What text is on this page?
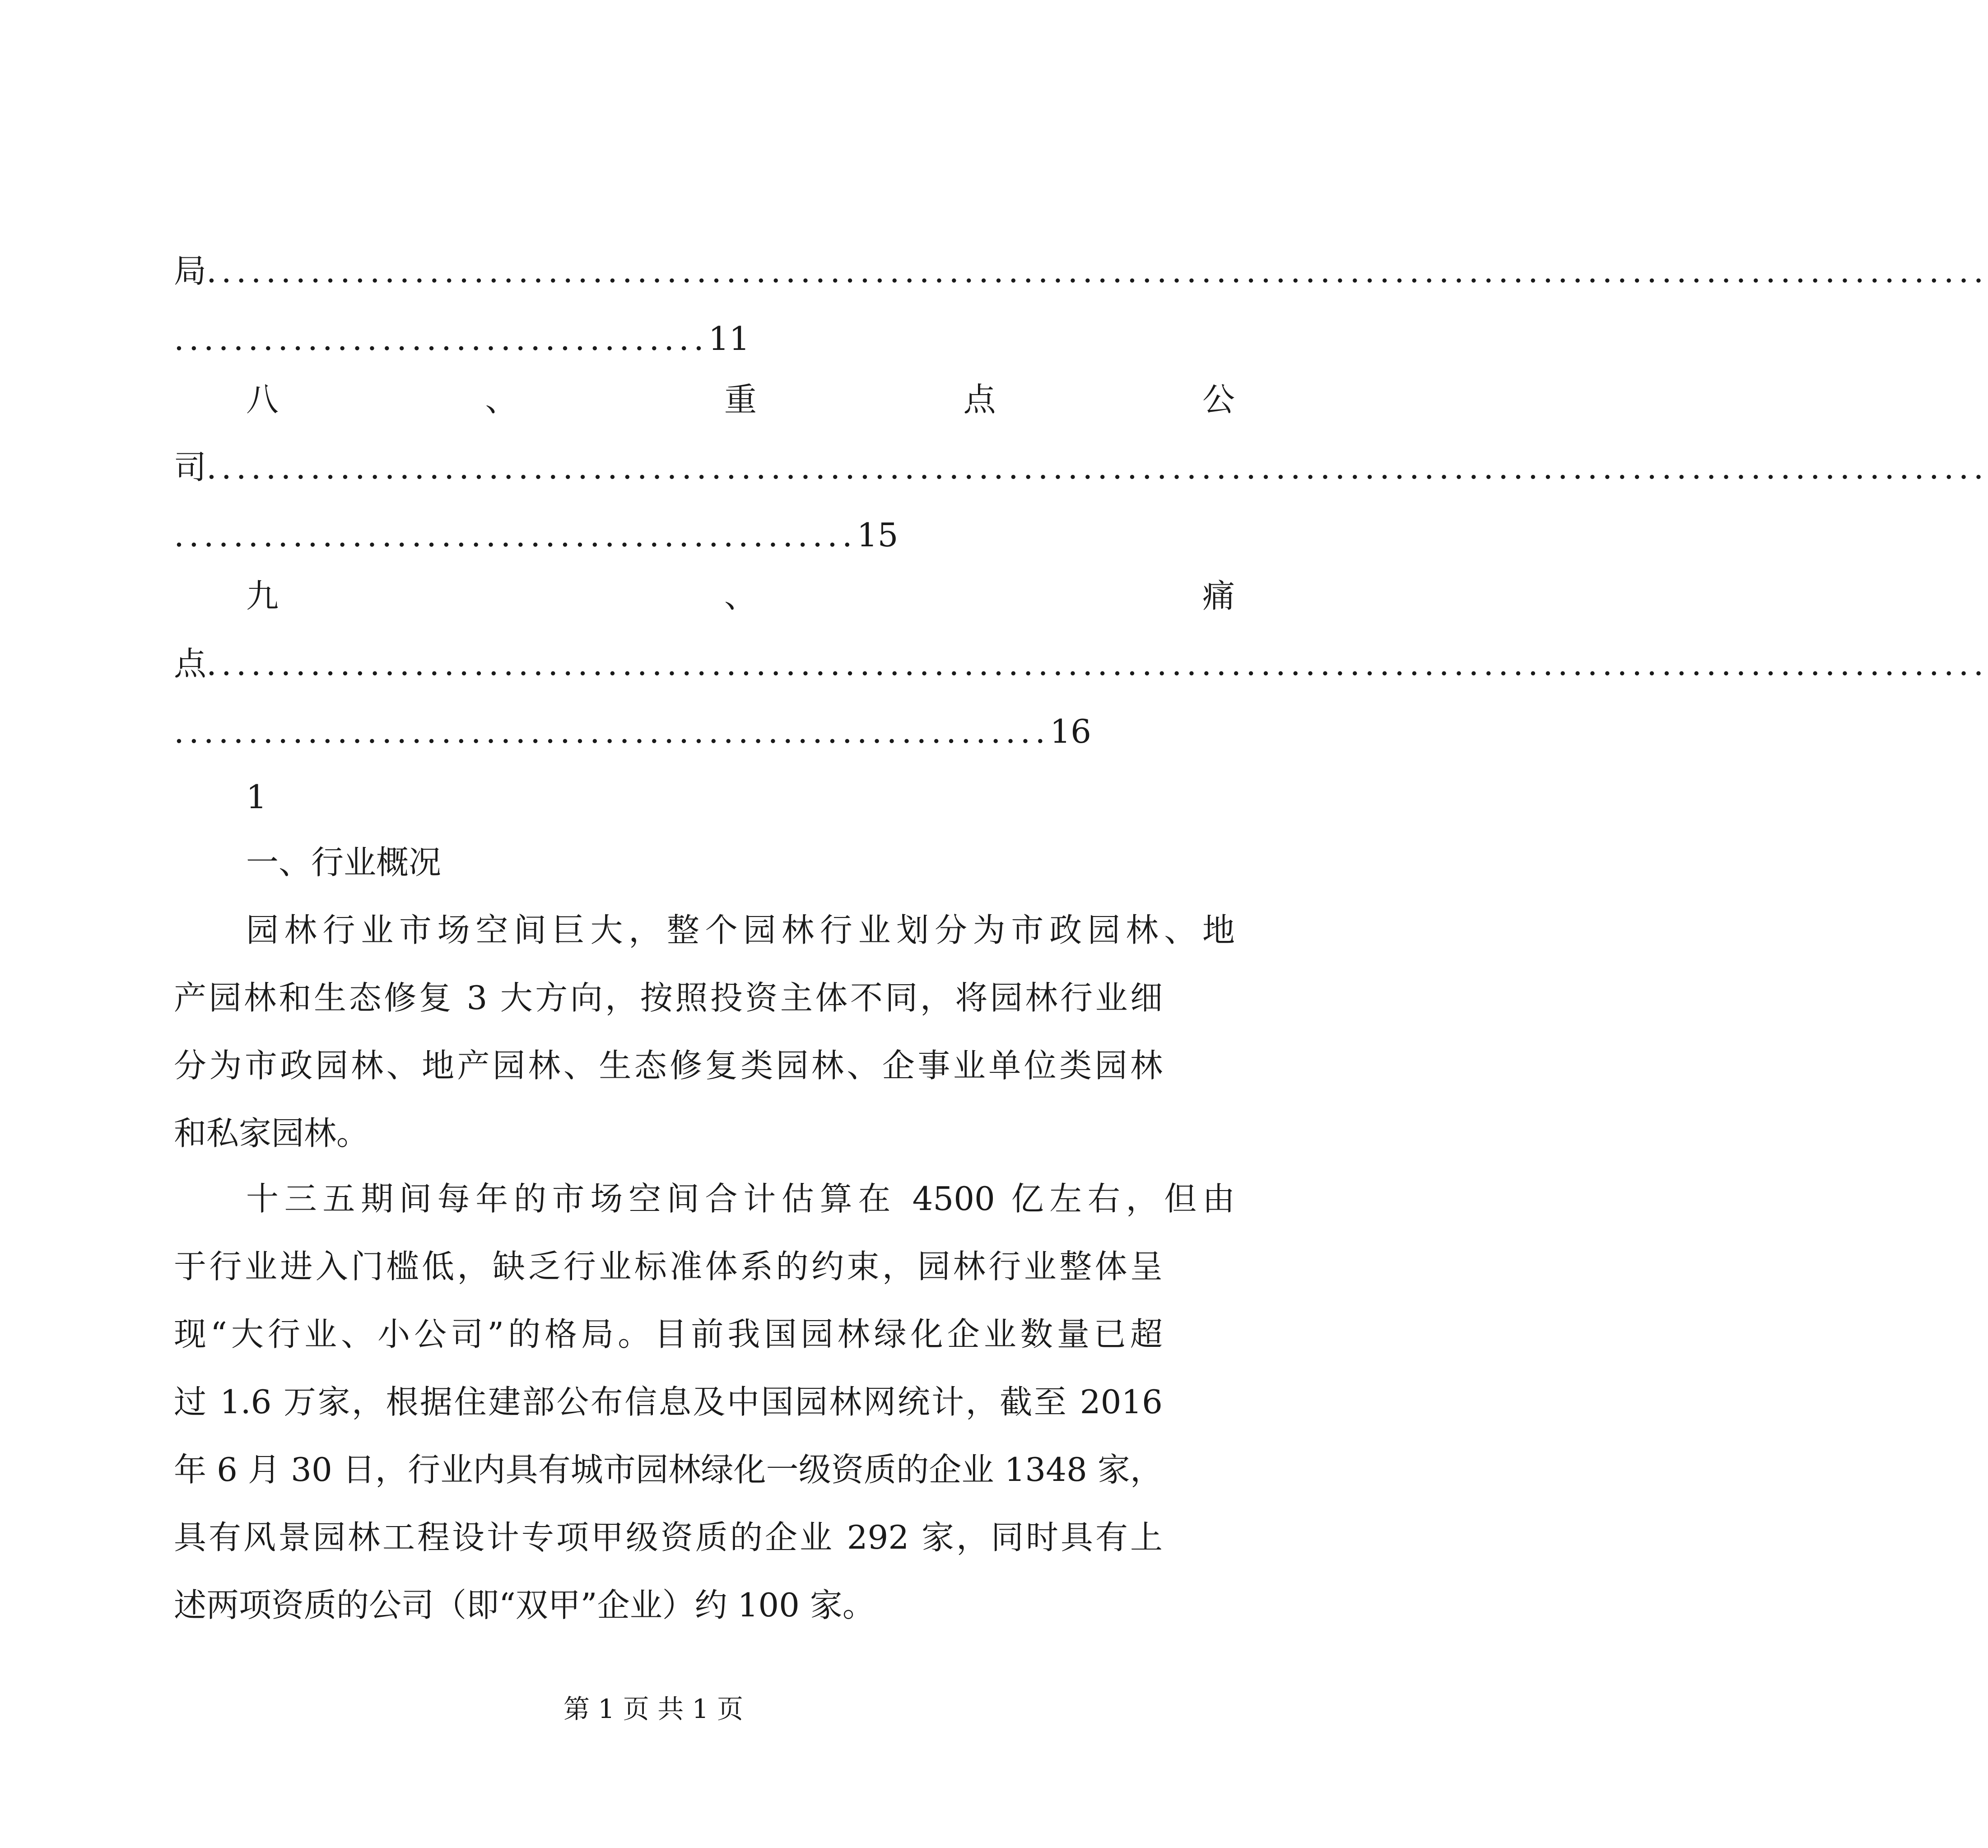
局 ........................................................................................................................
....................................11
八	、	重	点	公
司 ........................................................................................................................
..............................................15
九	、	痛
点 ........................................................................................................................
...........................................................16
1
一、行业概况
园林行业市场空间巨大，整个园林行业划分为市政园林、地
产园林和生态修复 3 大方向，按照投资主体不同，将园林行业细
分为市政园林、地产园林、生态修复类园林、企事业单位类园林
和私家园林。
十三五期间每年的市场空间合计估算在 4500 亿左右，但由
于行业进入门槛低，缺乏行业标准体系的约束，园林行业整体呈
现“大行业、小公司”的格局。目前我国园林绿化企业数量已超
过 1.6 万家，根据住建部公布信息及中国园林网统计，截至 2016
年 6 月 30 日，行业内具有城市园林绿化一级资质的企业 1348 家，
具有风景园林工程设计专项甲级资质的企业 292 家，同时具有上
述两项资质的公司（即“双甲”企业）约 100 家。
第 1 页 共 1 页
